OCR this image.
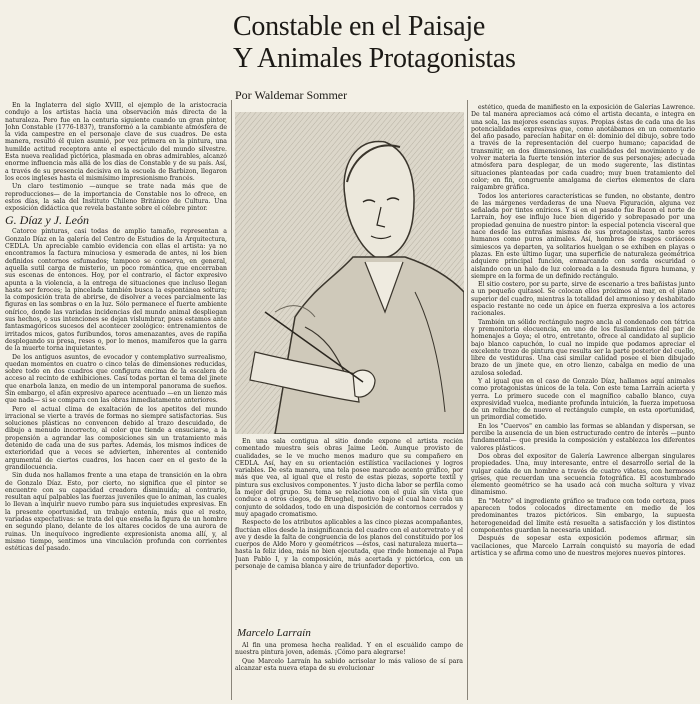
Constable en el Paisaje
Y Animales Protagonistas
Por Waldemar Sommer

En la Inglaterra del siglo XVIII, el ejemplo de la aristocracia condujo a los artistas hacia una observación más directa de la naturaleza. Pero fue en la centuria siguiente cuando un gran pintor, John Constable (1776-1837), transformó a la cambiante atmósfera de la vida campestre en el personaje clave de sus cuadros. De esta manera, resultó él quien asumió, por vez primera en la pintura, una humilde actitud receptora ante el espectáculo del mundo silvestre. Esta nueva realidad pictórica, plasmada en obras admirables, alcanzó enorme influencia más allá de los días de Constable y de su país. Así, a través de su presencia decisiva en la escuela de Barbizon, llegaron los ecos ingleses hasta el mismísimo impresionismo francés.

Un claro testimonio —aunque se trate nada más que de reproducciones— de la importancia de Constable nos lo ofrece, en estos días, la sala del Instituto Chileno Británico de Cultura. Una exposición didáctica que revela bastante sobre el célebre pintor.

G. Díaz y J. León

Catorce pinturas, casi todas de amplio tamaño, representan a Gonzalo Díaz en la galería del Centro de Estudios de la Arquitectura, CEDLA. Un apreciable cambio evidencia con ellas el artista: ya no encontramos la factura minuciosa y esmerada de antes, ni los bien definidos contornos esfumados; tampoco se conserva, en general, aquella sutil carga de misterio, un poco romántica, que encerraban sus escenas de entonces. Hoy, por el contrario, el factor expresivo apunta a la violencia, a la entrega de situaciones que incluso llegan hasta ser feroces; la pincelada también busca la espontánea soltura; la composición trata de abrirse, de disolver a veces parcialmente las figuras en las sombras o en la luz. Sólo permanece el fuerte ambiente onírico, donde las variadas incidencias del mundo animal despliegan sus hechos, o sus intenciones se dejan vislumbrar, pues estamos ante fantasmagóricos sucesos del acontecer zoológico: entrenamientos de irritados micos, gatos furibundos, toros amenazantes, aves de rapiña desplegando su presa, reses o, por lo menos, mamíferos que la garra de la muerte torna inquietantes.

De los antiguos asuntos, de evocador y contemplativo surrealismo, quedan momentos en cuatro o cinco telas de dimensiones reducidas, sobre todo en dos cuadros que configura encima de la escalera de acceso al recinto de exhibiciones. Casi todas portan el tema del jinete que enarbola lanza, en medio de un intemporal panorama de sueños. Sin embargo, el afán expresivo aparece acentuado —en un lienzo más que nada— si se compara con las obras inmediatamente anteriores.

Pero el actual clima de exaltación de los apetitos del mundo irracional se vierte a través de formas no siempre satisfactorias. Sus soluciones plásticas no convencen debido al trazo descuidado, de dibujo a menudo incorrecto, al color que tiende a ensuciarse, a la propensión a agrandar las composiciones sin un tratamiento más detenido de cada una de sus partes. Además, los mismos índices de exterioridad que a veces se advierten, inherentes al contenido argumental de ciertos cuadros, los hacen caer en el gesto de la grandilocuencia.

Sin duda nos hallamos frente a una etapa de transición en la obra de Gonzalo Díaz. Esto, por cierto, no significa que el pintor se encuentre con su capacidad creadora disminuida; al contrario, resultan aquí palpables las fuerzas juveniles que lo animan, las cuales lo llevan a inquirir nuevo rumbo para sus inquietudes expresivas. En la presente oportunidad, un trabajo entenía, más que el resto, variadas expectativas: se trata del que enseña la figura de un hombre en segundo plano, delante de los altares cocidos de una aurora de ruinas. Un inequívoco ingrediente expresionista anoma allí, y, al mismo tiempo, sentimos una vinculación profunda con corrientes estéticas del pasado.

En una sala contigua al sitio donde expone el artista recién comentado muestra seis obras Jaime León. Aunque provisto de cualidades, se le ve mucho menos maduro que su compañero en CEDLA. Así, hay en su orientación estilística vacilaciones y logros variables. De esta manera, una tela posee marcado acento gráfico, por más que vea, al igual que el resto de estas piezas, soporte textil y pintura sus exclusivos componentes. Y justo dicha labor se perfila como la mejor del grupo. Su tema se relaciona con el guía sin vista que conduce a otros ciegos, de Brueghel, motivo bajo el cual hace cola un conjunto de soldados, todo en una disposición de contornos cerrados y muy apagado cromatismo.

Respecto de los atributos aplicables a las cinco piezas acompañantes, fluctúan ellos desde la insignificancia del cuadro con el autorretrato y el ave y desde la falta de congruencia de los planos del constituido por los cuerpos de Aldo Moro y geométricos —éstos, casi naturaleza muerta— hasta la feliz idea, más no bien ejecutada, que rinde homenaje al Papa Juan Pablo I, y la composición, más acertada y pictórica, con un personaje de camisa blanca y aire de triunfador deportivo.

Marcelo Larraín

Al fin una promesa hecha realidad. Y en el escuálido campo de nuestra pintura joven, además. ¡Cómo para alegrarse!

Que Marcelo Larraín ha sabido acrisolar lo más valioso de sí para alcanzar esta nueva etapa de su evolucionar

estético, queda de manifiesto en la exposición de Galerías Lawrence. De tal manera apreciamos acá cómo el artista decanta, e integra en una sola, las mejores esencias suyas. Propias éstas de cada una de las potencialidades expresivas que, como anotábamos en un comentario del año pasado, parecían habitar en él: dominio del dibujo, sobre todo a través de la representación del cuerpo humano; capacidad de transmitir, en dos dimensiones, las cualidades del movimiento y de volver materia la fuerte tensión interior de sus personajes; adecuada atmósfera para desplegar, de un modo sugerente, las distintas situaciones planteadas por cada cuadro; muy buen tratamiento del color; en fin, congruente amalgama de ciertos elementos de clara raigambre gráfica.

Todos los anteriores características se funden, no obstante, dentro de las márgenes verdaderas de una Nueva Figuración, alguna vez señalada por tintes oníricos. Y si en el pasado fue Bacon el norte de Larraín, hoy ese influjo luce bien digerido y sobrepasado por una propiedad genuina de nuestro pintor: la especial potencia visceral que nace desde las entrañas mismas de sus protagonistas, tanto seres humanos como puros animales. Así, hombres de rasgos coriáceos simiescos ya departen, ya solitarios huelgan o se exhiben en playas o plazas. En este último lugar, una superficie de naturaleza geométrica adquiere principal función, enmarcando con sorda oscuridad o aislando con un halo de luz coloreada a la desnuda figura humana, y siempre en la forma de un definido rectángulo.

El sitio costero, por su parte, sirve de escenario a tres bañistas junto a un pequeño quitasol. Se colocan ellos próximos al mar, en el plano superior del cuadro, mientras la totalidad del armonioso y deshabitado espacio restante no cede un ápice en fuerza expresiva a los actores racionales.

También un sólido rectángulo negro ancla al condenado con tétrica y premonitoria elocuencia, en uno de los fusilamientos del par de homenajes a Goya; el otro, entretanto, ofrece al candidato al suplicio bajo blanco capuchón, lo cual no impide que podamos apreciar el excelente trozo de pintura que resulta ser la parte posterior del cuello, libre de vestiduras. Una casi similar calidad posee el bien dibujado brazo de un jinete que, en otro lienzo, cabalga en medio de una azulosa soledad.

Y al igual que en el caso de Gonzalo Díaz, hallamos aquí animales como protagonistas únicos de la tela. Con este tema Larraín acierta y yerra. Lo primero sucede con el magnífico caballo blanco, cuya expresividad vuelca, mediante profunda intuición, la fuerza impetuosa de un relincho; de nuevo el rectángulo cumple, en esta oportunidad, un primordial cometido.

En los "Cuervos" en cambio las formas se ablandan y dispersan, se percibe la ausencia de un bien estructurado centro de interés —punto fundamental— que presida la composición y establezca los diferentes valores plásticos.

Dos obras del expositor de Galería Lawrence albergan singulares propiedades. Una, muy interesante, entre el desarrollo serial de la vulgar caída de un hombre a través de cuatro viñetas, con hermosos grises, que recuerdan una secuencia fotográfica. El acostumbrado elemento geométrico se ha usado acá con mucha soltura y vivaz dinamismo.

En "Metro" el ingrediente gráfico se traduce con todo certeza, pues aparecen todos colocados directamente en medio de los predominantes trazos pictóricos. Sin embargo, la supuesta heterogeneidad del límite está resuelta a satisfacción y los distintos componentes guardan la necesaria unidad.

Después de sopesar esta exposición podemos afirmar, sin vacilaciones, que Marcelo Larraín conquistó su mayoría de edad artística y se afirma como uno de nuestros mejores nuevos pintores.
